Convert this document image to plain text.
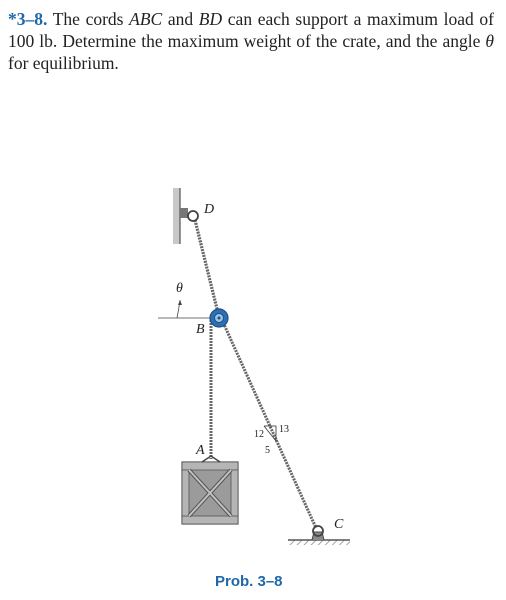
*3–8. The cords ABC and BD can each support a maximum load of 100 lb. Determine the maximum weight of the crate, and the angle θ for equilibrium.
D
θ
B
A
C
13
12
5
Prob. 3–8
